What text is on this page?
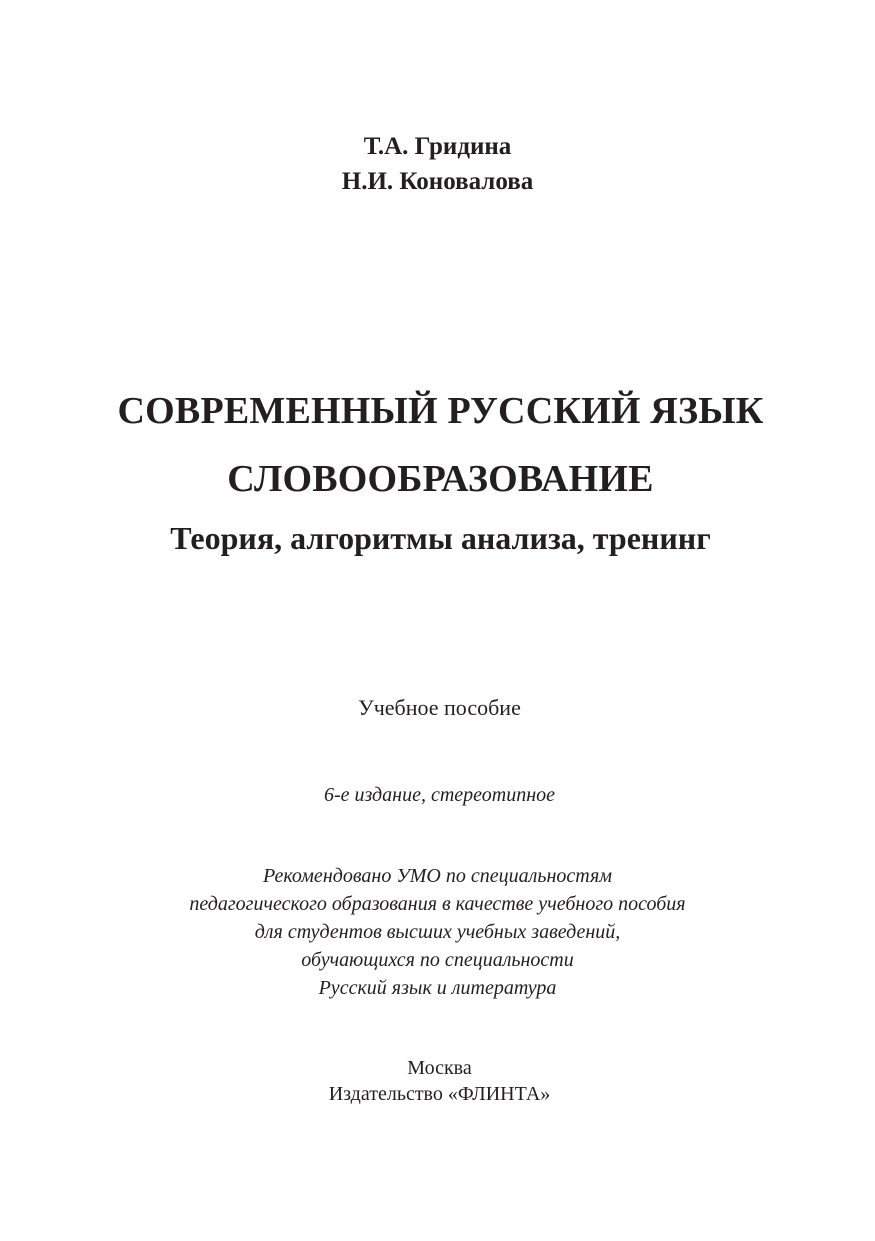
Т.А. Гридина
Н.И. Коновалова
СОВРЕМЕННЫЙ РУССКИЙ ЯЗЫК
СЛОВООБРАЗОВАНИЕ
Теория, алгоритмы анализа, тренинг
Учебное пособие
6-е издание, стереотипное
Рекомендовано УМО по специальностям
педагогического образования в качестве учебного пособия
для студентов высших учебных заведений,
обучающихся по специальности
Русский язык и литература
Москва
Издательство «ФЛИНТА»
